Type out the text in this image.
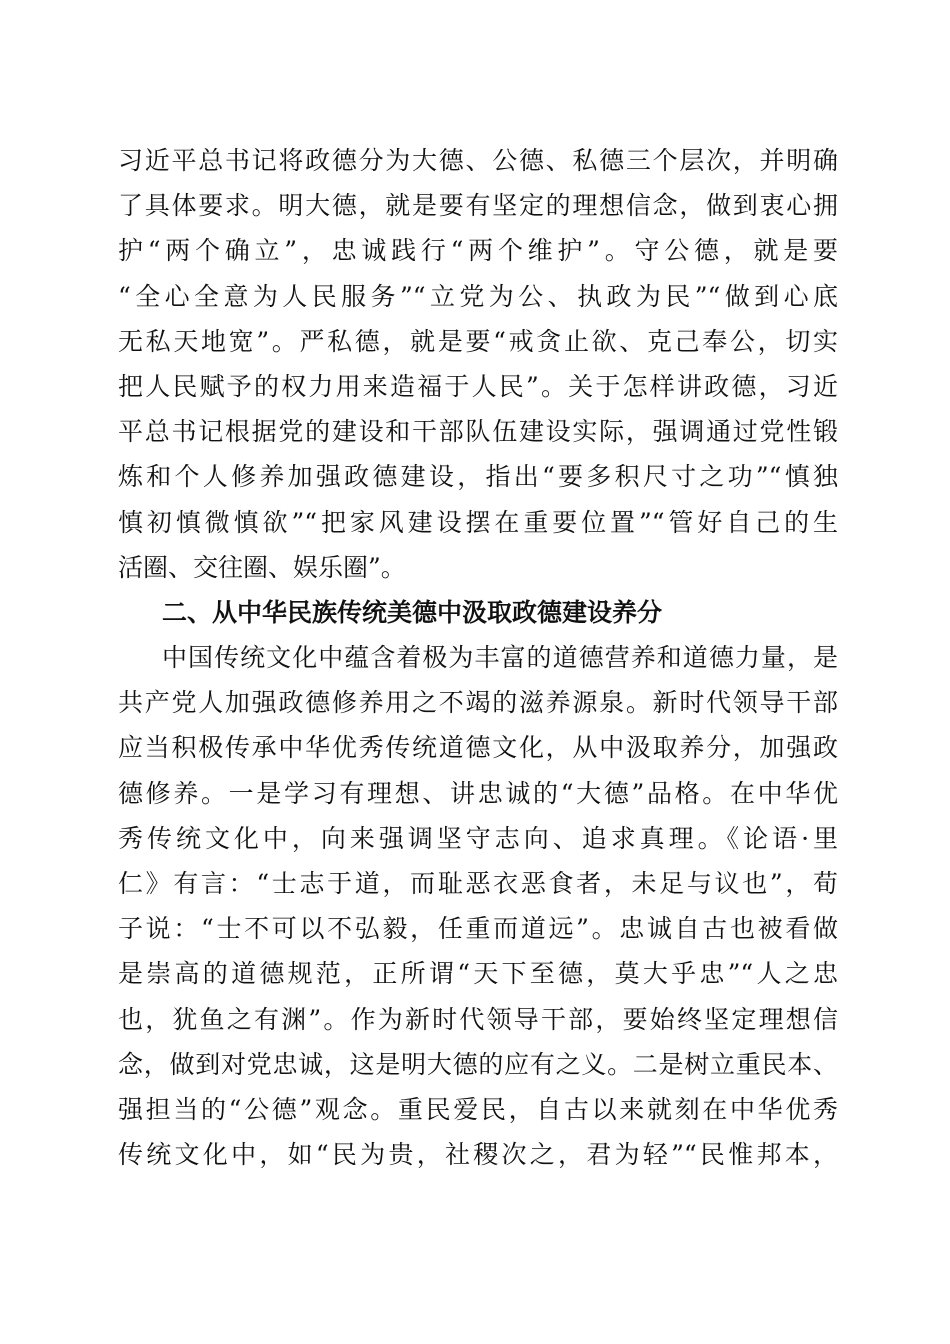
习近平总书记将政德分为大德、公德、私德三个层次，并明确
了具体要求。明大德，就是要有坚定的理想信念，做到衷心拥
护“两个确立”，忠诚践行“两个维护”。守公德，就是要
“全心全意为人民服务”“立党为公、执政为民”“做到心底
无私天地宽”。严私德，就是要“戒贪止欲、克己奉公，切实
把人民赋予的权力用来造福于人民”。关于怎样讲政德，习近
平总书记根据党的建设和干部队伍建设实际，强调通过党性锻
炼和个人修养加强政德建设，指出“要多积尺寸之功”“慎独
慎初慎微慎欲”“把家风建设摆在重要位置”“管好自己的生
活圈、交往圈、娱乐圈”。
二、从中华民族传统美德中汲取政德建设养分
中国传统文化中蕴含着极为丰富的道德营养和道德力量，是
共产党人加强政德修养用之不竭的滋养源泉。新时代领导干部
应当积极传承中华优秀传统道德文化，从中汲取养分，加强政
德修养。一是学习有理想、讲忠诚的“大德”品格。在中华优
秀传统文化中，向来强调坚守志向、追求真理。《论语·里
仁》有言：“士志于道，而耻恶衣恶食者，未足与议也”，荀
子说：“士不可以不弘毅，任重而道远”。忠诚自古也被看做
是崇高的道德规范，正所谓“天下至德，莫大乎忠”“人之忠
也，犹鱼之有渊”。作为新时代领导干部，要始终坚定理想信
念，做到对党忠诚，这是明大德的应有之义。二是树立重民本、
强担当的“公德”观念。重民爱民，自古以来就刻在中华优秀
传统文化中，如“民为贵，社稷次之，君为轻”“民惟邦本，
